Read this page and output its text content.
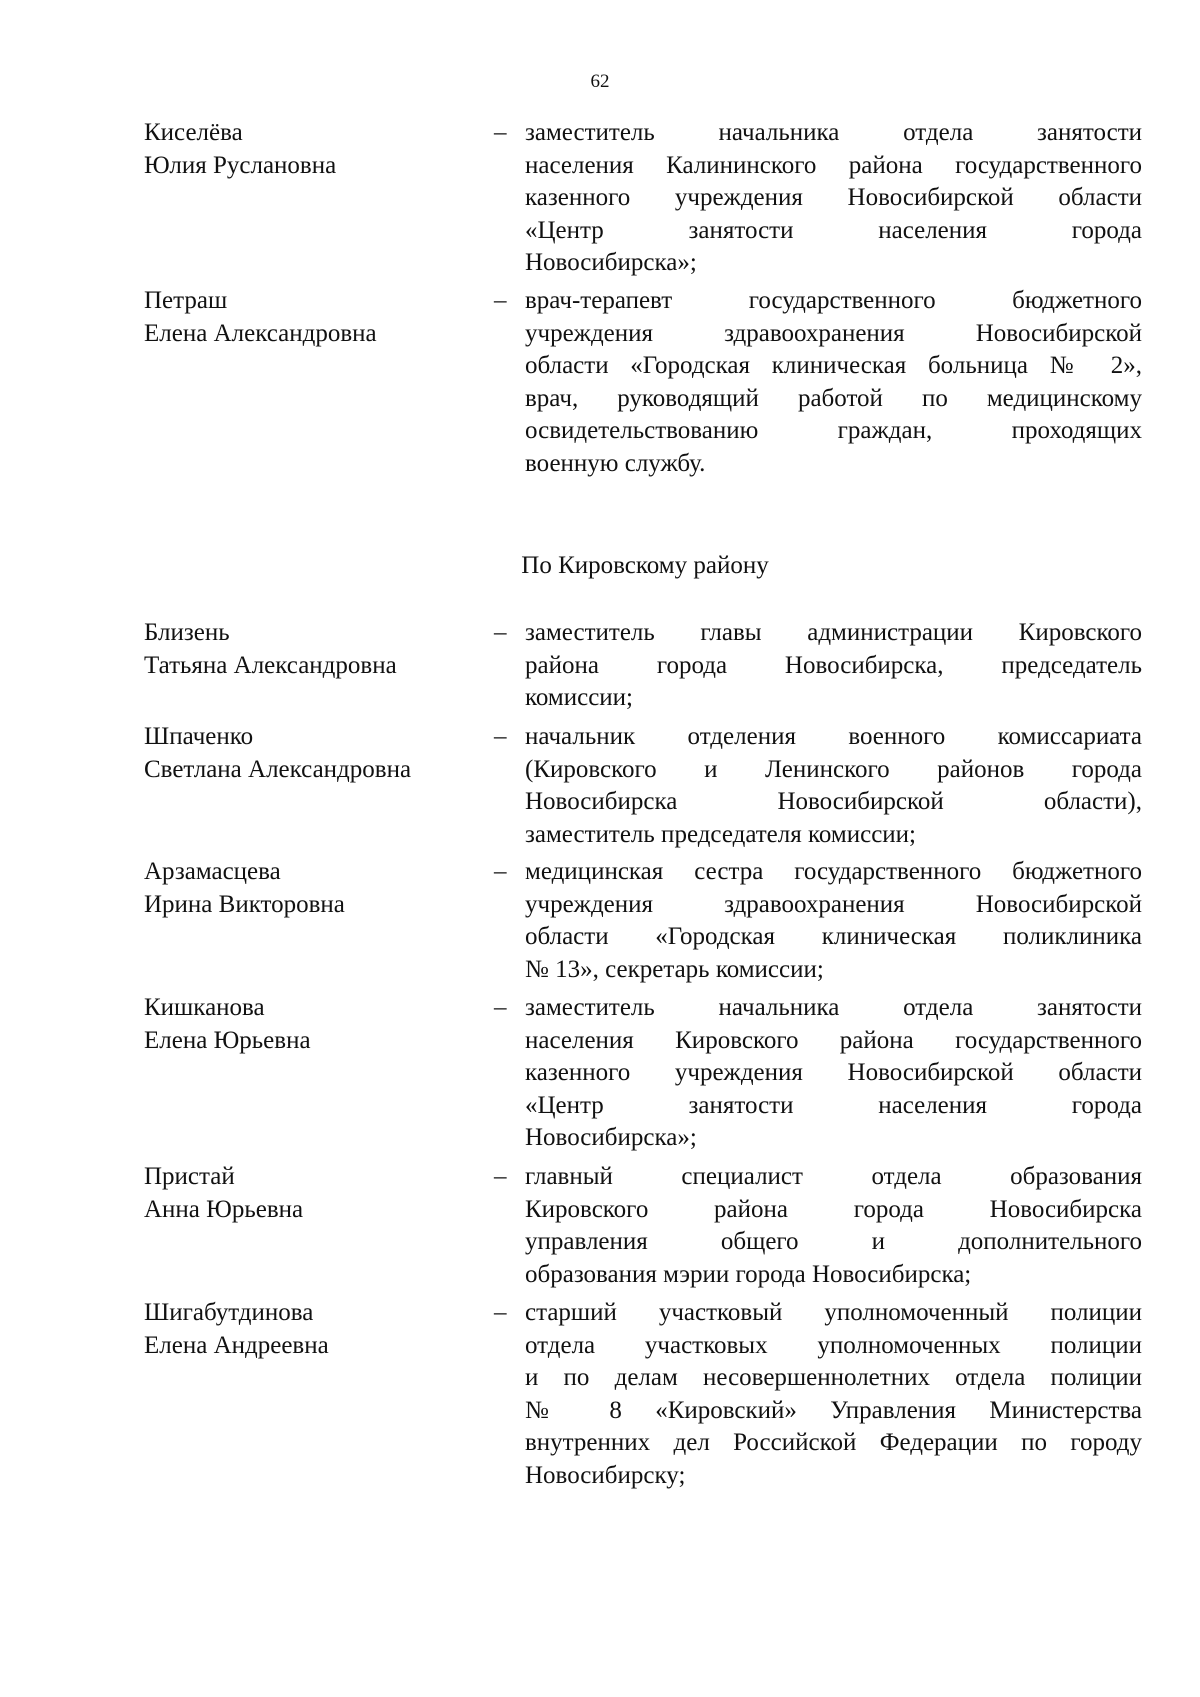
62
Киселёва
Юлия Руслановна
– заместитель начальника отдела занятости
населения Калининского района государственного
казенного учреждения Новосибирской области
«Центр занятости населения города
Новосибирска»;
Петраш
Елена Александровна
– врач-терапевт государственного бюджетного
учреждения здравоохранения Новосибирской
области «Городская клиническая больница № 2»,
врач, руководящий работой по медицинскому
освидетельствованию граждан, проходящих
военную службу.
По Кировскому району
Близень
Татьяна Александровна
– заместитель главы администрации Кировского
района города Новосибирска, председатель
комиссии;
Шпаченко
Светлана Александровна
– начальник отделения военного комиссариата
(Кировского и Ленинского районов города
Новосибирска Новосибирской области),
заместитель председателя комиссии;
Арзамасцева
Ирина Викторовна
– медицинская сестра государственного бюджетного
учреждения здравоохранения Новосибирской
области «Городская клиническая поликлиника
№ 13», секретарь комиссии;
Кишканова
Елена Юрьевна
– заместитель начальника отдела занятости
населения Кировского района государственного
казенного учреждения Новосибирской области
«Центр занятости населения города
Новосибирска»;
Пристай
Анна Юрьевна
– главный специалист отдела образования
Кировского района города Новосибирска
управления общего и дополнительного
образования мэрии города Новосибирска;
Шигабутдинова
Елена Андреевна
– старший участковый уполномоченный полиции
отдела участковых уполномоченных полиции
и по делам несовершеннолетних отдела полиции
№ 8 «Кировский» Управления Министерства
внутренних дел Российской Федерации по городу
Новосибирску;
